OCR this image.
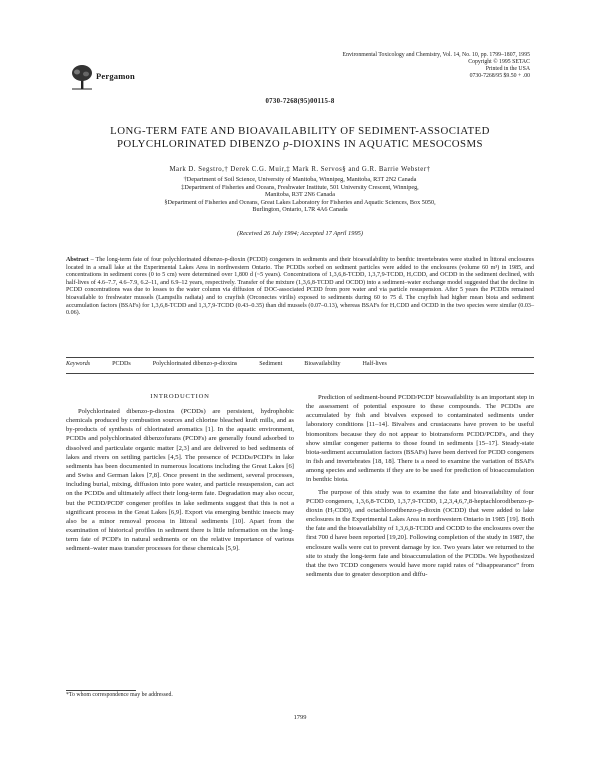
Pergamon
Environmental Toxicology and Chemistry, Vol. 14, No. 10, pp. 1799–1807, 1995
Copyright © 1995 SETAC
Printed in the USA
0730-7268/95 $9.50 + .00
0730-7268(95)00115-8
LONG-TERM FATE AND BIOAVAILABILITY OF SEDIMENT-ASSOCIATED
POLYCHLORINATED DIBENZO p-DIOXINS IN AQUATIC MESOCOSMS
Mark D. Segstro,† Derek C.G. Muir,‡ Mark R. Servos§ and G.R. Barrie Webster†
†Department of Soil Science, University of Manitoba, Winnipeg, Manitoba, R3T 2N2 Canada
‡Department of Fisheries and Oceans, Freshwater Institute, 501 University Crescent, Winnipeg,
Manitoba, R3T 2N6 Canada
§Department of Fisheries and Oceans, Great Lakes Laboratory for Fisheries and Aquatic Sciences, Box 5050,
Burlington, Ontario, L7R 4A6 Canada
(Received 26 July 1994; Accepted 17 April 1995)
Abstract – The long-term fate of four polychlorinated dibenzo-p-dioxin (PCDD) congeners in sediments and their bioavailability to benthic invertebrates were studied in littoral enclosures located in a small lake at the Experimental Lakes Area in northwestern Ontario. The PCDDs sorbed on sediment particles were added to the enclosures (volume 60 m³) in 1985, and concentrations in sediment cores (0 to 5 cm) were determined over 1,800 d (~5 years). Concentrations of 1,3,6,8-TCDD, 1,3,7,9-TCDD, H₇CDD, and OCDD in the sediment declined, with half-lives of 4.6–7.7, 4.6–7.9, 6.2–11, and 6.9–12 years, respectively. Transfer of the mixture (1,3,6,8-TCDD and OCDD) into a sediment–water exchange model suggested that the decline in PCDD concentrations was due to losses to the water column via diffusion of DOC-associated PCDD from pore water and via particle resuspension. After 5 years the PCDDs remained bioavailable to freshwater mussels (Lampsilis radiata) and to crayfish (Orconectes virilis) exposed to sediments during 60 to 75 d. The crayfish had higher mean biota and sediment accumulation factors (BSAFs) for 1,3,6,8-TCDD and 1,3,7,9-TCDD (0.43–0.35) than did mussels (0.07–0.13), whereas BSAFs for H₇CDD and OCDD in the two species were similar (0.03–0.06).
Keywords	PCDDs	Polychlorinated dibenzo-p-dioxins	Sediment	Bioavailability	Half-lives
INTRODUCTION

Polychlorinated dibenzo-p-dioxins (PCDDs) are persistent, hydrophobic chemicals produced by combustion sources and chlorine bleached kraft mills, and as by-products of synthesis of chlorinated aromatics [1]. In the aquatic environment, PCDDs and polychlorinated dibenzofurans (PCDFs) are generally found adsorbed to dissolved and particulate organic matter [2,3] and are delivered to bed sediments of lakes and rivers on settling particles [4,5]. The presence of PCDDs/PCDFs in lake sediments has been documented in numerous locations including the Great Lakes [6] and Swiss and German lakes [7,8]. Once present in the sediment, several processes, including burial, mixing, diffusion into pore water, and particle resuspension, can act on the PCDDs and ultimately affect their long-term fate. Degradation may also occur, but the PCDD/PCDF congener profiles in lake sediments suggest that this is not a significant process in the Great Lakes [6,9]. Export via emerging benthic insects may also be a minor removal process in littoral sediments [10]. Apart from the examination of historical profiles in sediment there is little information on the long-term fate of PCDFs in natural sediments or on the relative importance of various sediment–water mass transfer processes for these chemicals [5,9].

Prediction of sediment-bound PCDD/PCDF bioavailability is an important step in the assessment of potential exposure to these compounds. The PCDDs are accumulated by fish and bivalves exposed to contaminated sediments under laboratory conditions [11–14]. Bivalves and crustaceans have proven to be useful biomonitors because they do not appear to biotransform PCDD/PCDFs, and they show similar congener patterns to those found in sediments [15–17]. Steady-state biota-sediment accumulation factors (BSAFs) have been derived for PCDD congeners in fish and invertebrates [18, 18]. There is a need to examine the variation of BSAFs among species and sediments if they are to be used for prediction of bioaccumulation in benthic biota.

The purpose of this study was to examine the fate and bioavailability of four PCDD congeners, 1,3,6,8-TCDD, 1,3,7,9-TCDD, 1,2,3,4,6,7,8-heptachlorodibenzo-p-dioxin (H₇CDD), and octachlorodibenzo-p-dioxin (OCDD) that were added to lake enclosures in the Experimental Lakes Area in northwestern Ontario in 1985 [19]. Both the fate and the bioavailability of 1,3,6,8-TCDD and OCDD to the enclosures over the first 700 d have been reported [19,20]. Following completion of the study in 1987, the enclosure walls were cut to prevent damage by ice. Two years later we returned to the site to study the long-term fate and bioaccumulation of the PCDDs. We hypothesized that the two TCDD congeners would have more rapid rates of “disappearance” from sediments due to greater desorption and diffu-

*To whom correspondence may be addressed.
1799
